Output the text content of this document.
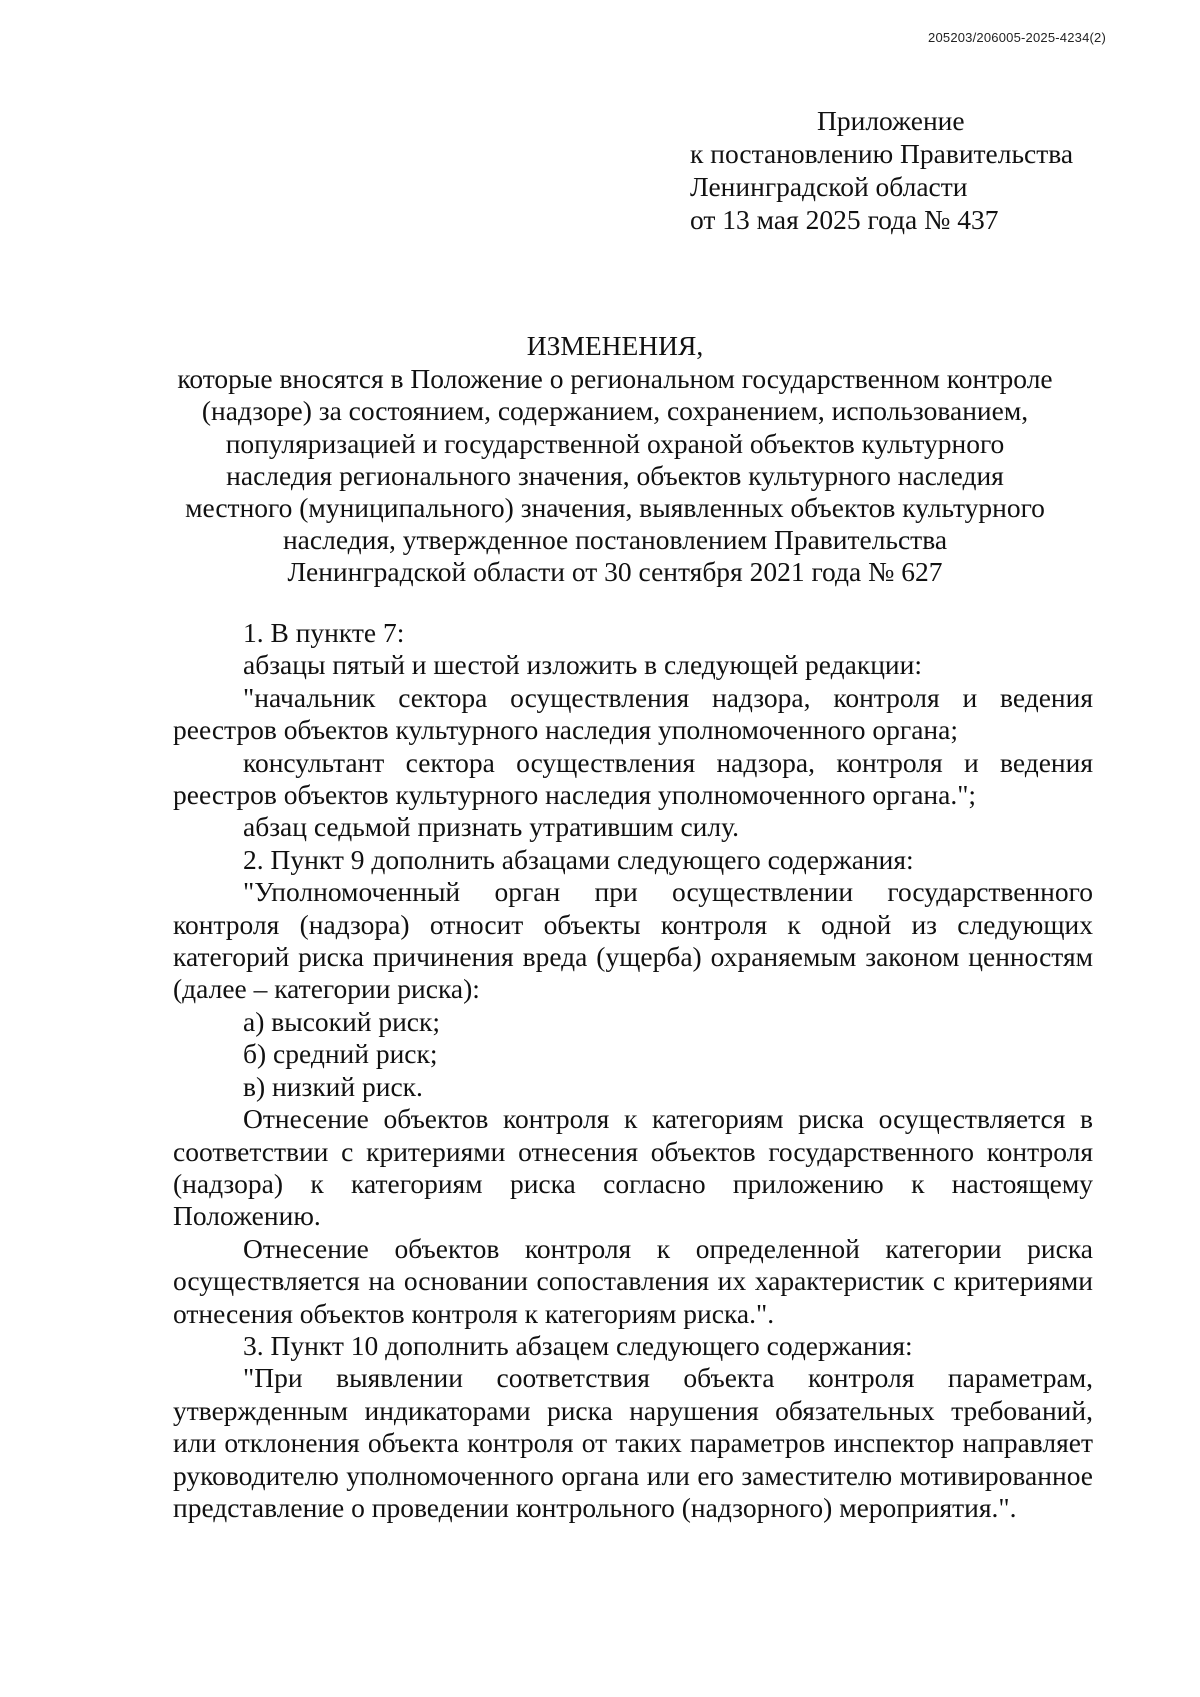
205203/206005-2025-4234(2)
Приложение
к постановлению Правительства
Ленинградской области
от 13 мая 2025 года № 437
ИЗМЕНЕНИЯ,
которые вносятся в Положение о региональном государственном контроле
(надзоре) за состоянием, содержанием, сохранением, использованием,
популяризацией и государственной охраной объектов культурного
наследия регионального значения, объектов культурного наследия
местного (муниципального) значения, выявленных объектов культурного
наследия, утвержденное постановлением Правительства
Ленинградской области от 30 сентября 2021 года № 627

1. В пункте 7:

абзацы пятый и шестой изложить в следующей редакции:

"начальник сектора осуществления надзора, контроля и ведения реестров объектов культурного наследия уполномоченного органа;

консультант сектора осуществления надзора, контроля и ведения реестров объектов культурного наследия уполномоченного органа.";

абзац седьмой признать утратившим силу.

2. Пункт 9 дополнить абзацами следующего содержания:

"Уполномоченный орган при осуществлении государственного контроля (надзора) относит объекты контроля к одной из следующих категорий риска причинения вреда (ущерба) охраняемым законом ценностям (далее – категории риска):

а) высокий риск;

б) средний риск;

в) низкий риск.

Отнесение объектов контроля к категориям риска осуществляется в соответствии с критериями отнесения объектов государственного контроля (надзора) к категориям риска согласно приложению к настоящему Положению.

Отнесение объектов контроля к определенной категории риска осуществляется на основании сопоставления их характеристик с критериями отнесения объектов контроля к категориям риска.".

3. Пункт 10 дополнить абзацем следующего содержания:

"При выявлении соответствия объекта контроля параметрам, утвержденным индикаторами риска нарушения обязательных требований, или отклонения объекта контроля от таких параметров инспектор направляет руководителю уполномоченного органа или его заместителю мотивированное представление о проведении контрольного (надзорного) мероприятия.".
